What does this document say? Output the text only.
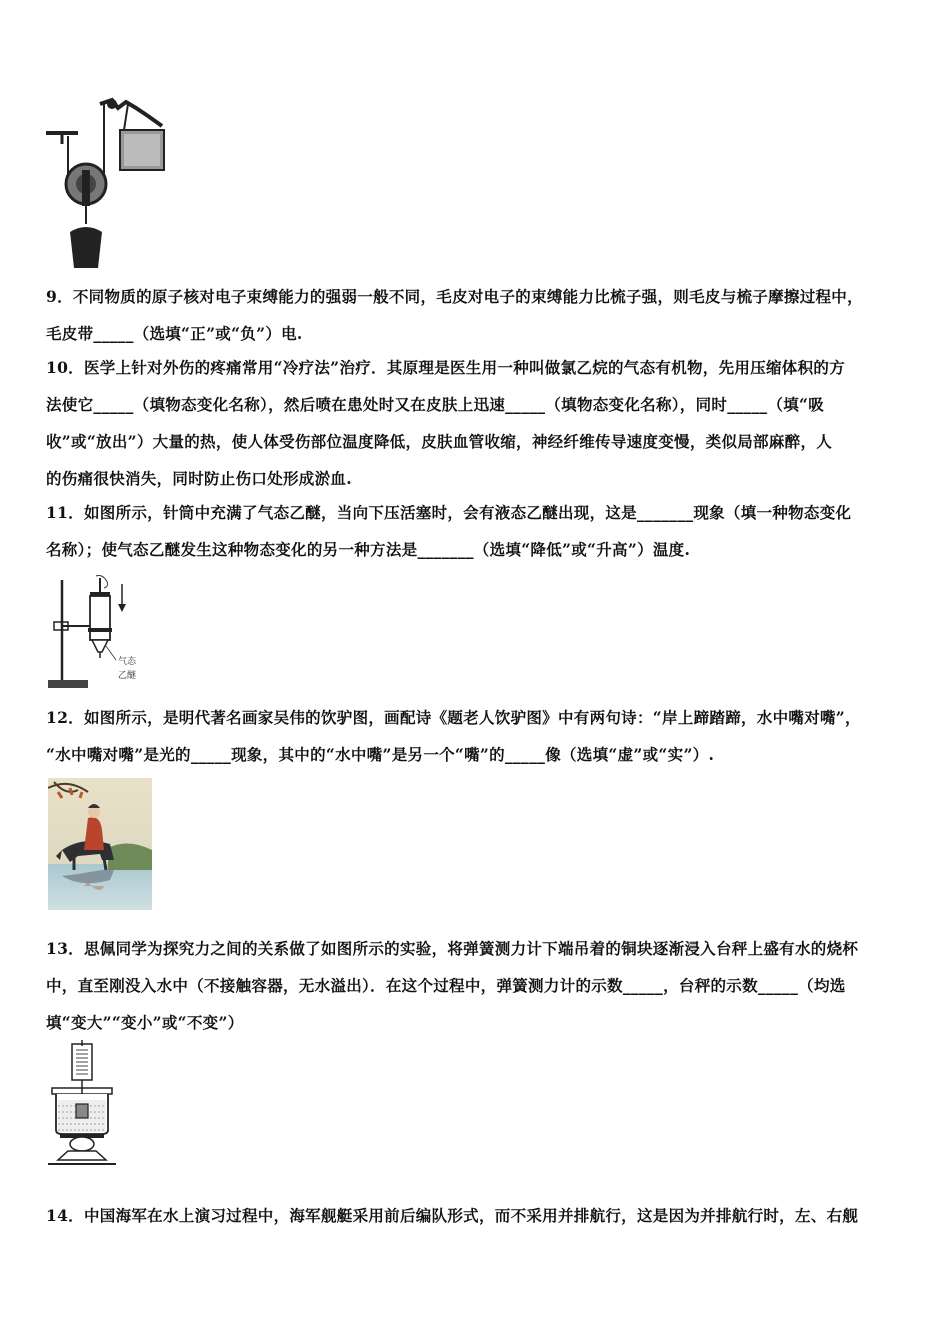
9．不同物质的原子核对电子束缚能力的强弱一般不同，毛皮对电子的束缚能力比梳子强，则毛皮与梳子摩擦过程中，
毛皮带_____（选填“正”或“负”）电.
10．医学上针对外伤的疼痛常用“冷疗法”治疗．其原理是医生用一种叫做氯乙烷的气态有机物，先用压缩体积的方
法使它_____（填物态变化名称），然后喷在患处时又在皮肤上迅速_____（填物态变化名称），同时_____（填“吸
收”或“放出”）大量的热，使人体受伤部位温度降低，皮肤血管收缩，神经纤维传导速度变慢，类似局部麻醉，人
的伤痛很快消失，同时防止伤口处形成淤血.
11．如图所示，针筒中充满了气态乙醚，当向下压活塞时，会有液态乙醚出现，这是_______现象（填一种物态变化
名称）；使气态乙醚发生这种物态变化的另一种方法是_______（选填“降低”或“升高”）温度.
气态
乙醚
12．如图所示，是明代著名画家吴伟的饮驴图，画配诗《题老人饮驴图》中有两句诗：“岸上蹄踏蹄，水中嘴对嘴”，
“水中嘴对嘴”是光的_____现象，其中的“水中嘴”是另一个“嘴”的_____像（选填“虚”或“实”）.
13．思佩同学为探究力之间的关系做了如图所示的实验，将弹簧测力计下端吊着的铜块逐渐浸入台秤上盛有水的烧杯
中，直至刚没入水中（不接触容器，无水溢出）．在这个过程中，弹簧测力计的示数_____，台秤的示数_____（均选
填“变大”“变小”或“不变”）
14．中国海军在水上演习过程中，海军舰艇采用前后编队形式，而不采用并排航行，这是因为并排航行时，左、右舰
